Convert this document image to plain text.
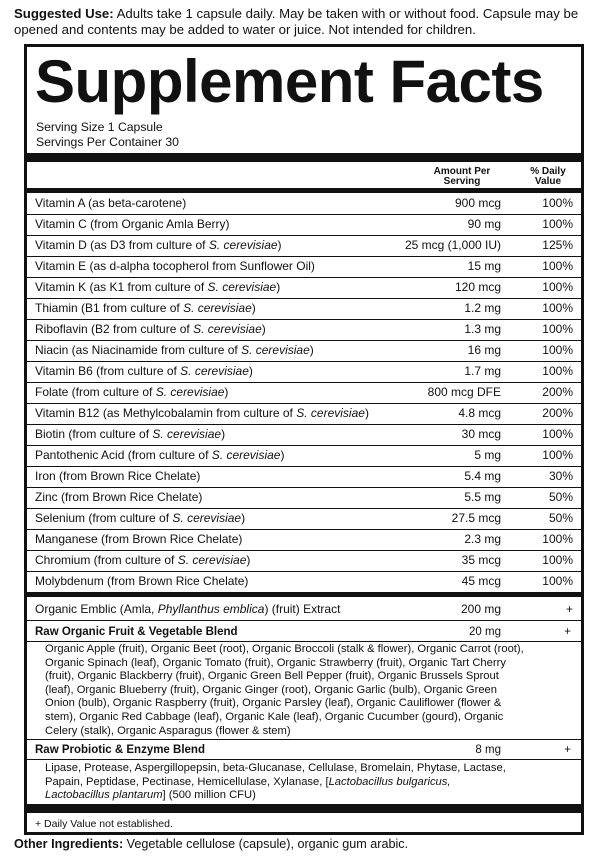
Suggested Use: Adults take 1 capsule daily. May be taken with or without food. Capsule may be opened and contents may be added to water or juice. Not intended for children.
Supplement Facts
Serving Size 1 Capsule
Servings Per Container 30
Amount Per Serving
% Daily Value
Vitamin A (as beta-carotene)	900 mcg	100%
Vitamin C (from Organic Amla Berry)	90 mg	100%
Vitamin D (as D3 from culture of S. cerevisiae)	25 mcg (1,000 IU)	125%
Vitamin E (as d-alpha tocopherol from Sunflower Oil)	15 mg	100%
Vitamin K (as K1 from culture of S. cerevisiae)	120 mcg	100%
Thiamin (B1 from culture of S. cerevisiae)	1.2 mg	100%
Riboflavin (B2 from culture of S. cerevisiae)	1.3 mg	100%
Niacin (as Niacinamide from culture of S. cerevisiae)	16 mg	100%
Vitamin B6 (from culture of S. cerevisiae)	1.7 mg	100%
Folate (from culture of S. cerevisiae)	800 mcg DFE	200%
Vitamin B12 (as Methylcobalamin from culture of S. cerevisiae)	4.8 mcg	200%
Biotin (from culture of S. cerevisiae)	30 mcg	100%
Pantothenic Acid (from culture of S. cerevisiae)	5 mg	100%
Iron (from Brown Rice Chelate)	5.4 mg	30%
Zinc (from Brown Rice Chelate)	5.5 mg	50%
Selenium (from culture of S. cerevisiae)	27.5 mcg	50%
Manganese (from Brown Rice Chelate)	2.3 mg	100%
Chromium (from culture of S. cerevisiae)	35 mcg	100%
Molybdenum (from Brown Rice Chelate)	45 mcg	100%
Organic Emblic (Amla, Phyllanthus emblica) (fruit) Extract	200 mg	+
Raw Organic Fruit & Vegetable Blend	20 mg	+
Organic Apple (fruit), Organic Beet (root), Organic Broccoli (stalk & flower), Organic Carrot (root),
Organic Spinach (leaf), Organic Tomato (fruit), Organic Strawberry (fruit), Organic Tart Cherry
(fruit), Organic Blackberry (fruit), Organic Green Bell Pepper (fruit), Organic Brussels Sprout
(leaf), Organic Blueberry (fruit), Organic Ginger (root), Organic Garlic (bulb), Organic Green
Onion (bulb), Organic Raspberry (fruit), Organic Parsley (leaf), Organic Cauliflower (flower &
stem), Organic Red Cabbage (leaf), Organic Kale (leaf), Organic Cucumber (gourd), Organic
Celery (stalk), Organic Asparagus (flower & stem)
Raw Probiotic & Enzyme Blend	8 mg	+
Lipase, Protease, Aspergillopepsin, beta-Glucanase, Cellulase, Bromelain, Phytase, Lactase,
Papain, Peptidase, Pectinase, Hemicellulase, Xylanase, [Lactobacillus bulgaricus,
Lactobacillus plantarum] (500 million CFU)
+ Daily Value not established.
Other Ingredients: Vegetable cellulose (capsule), organic gum arabic.
